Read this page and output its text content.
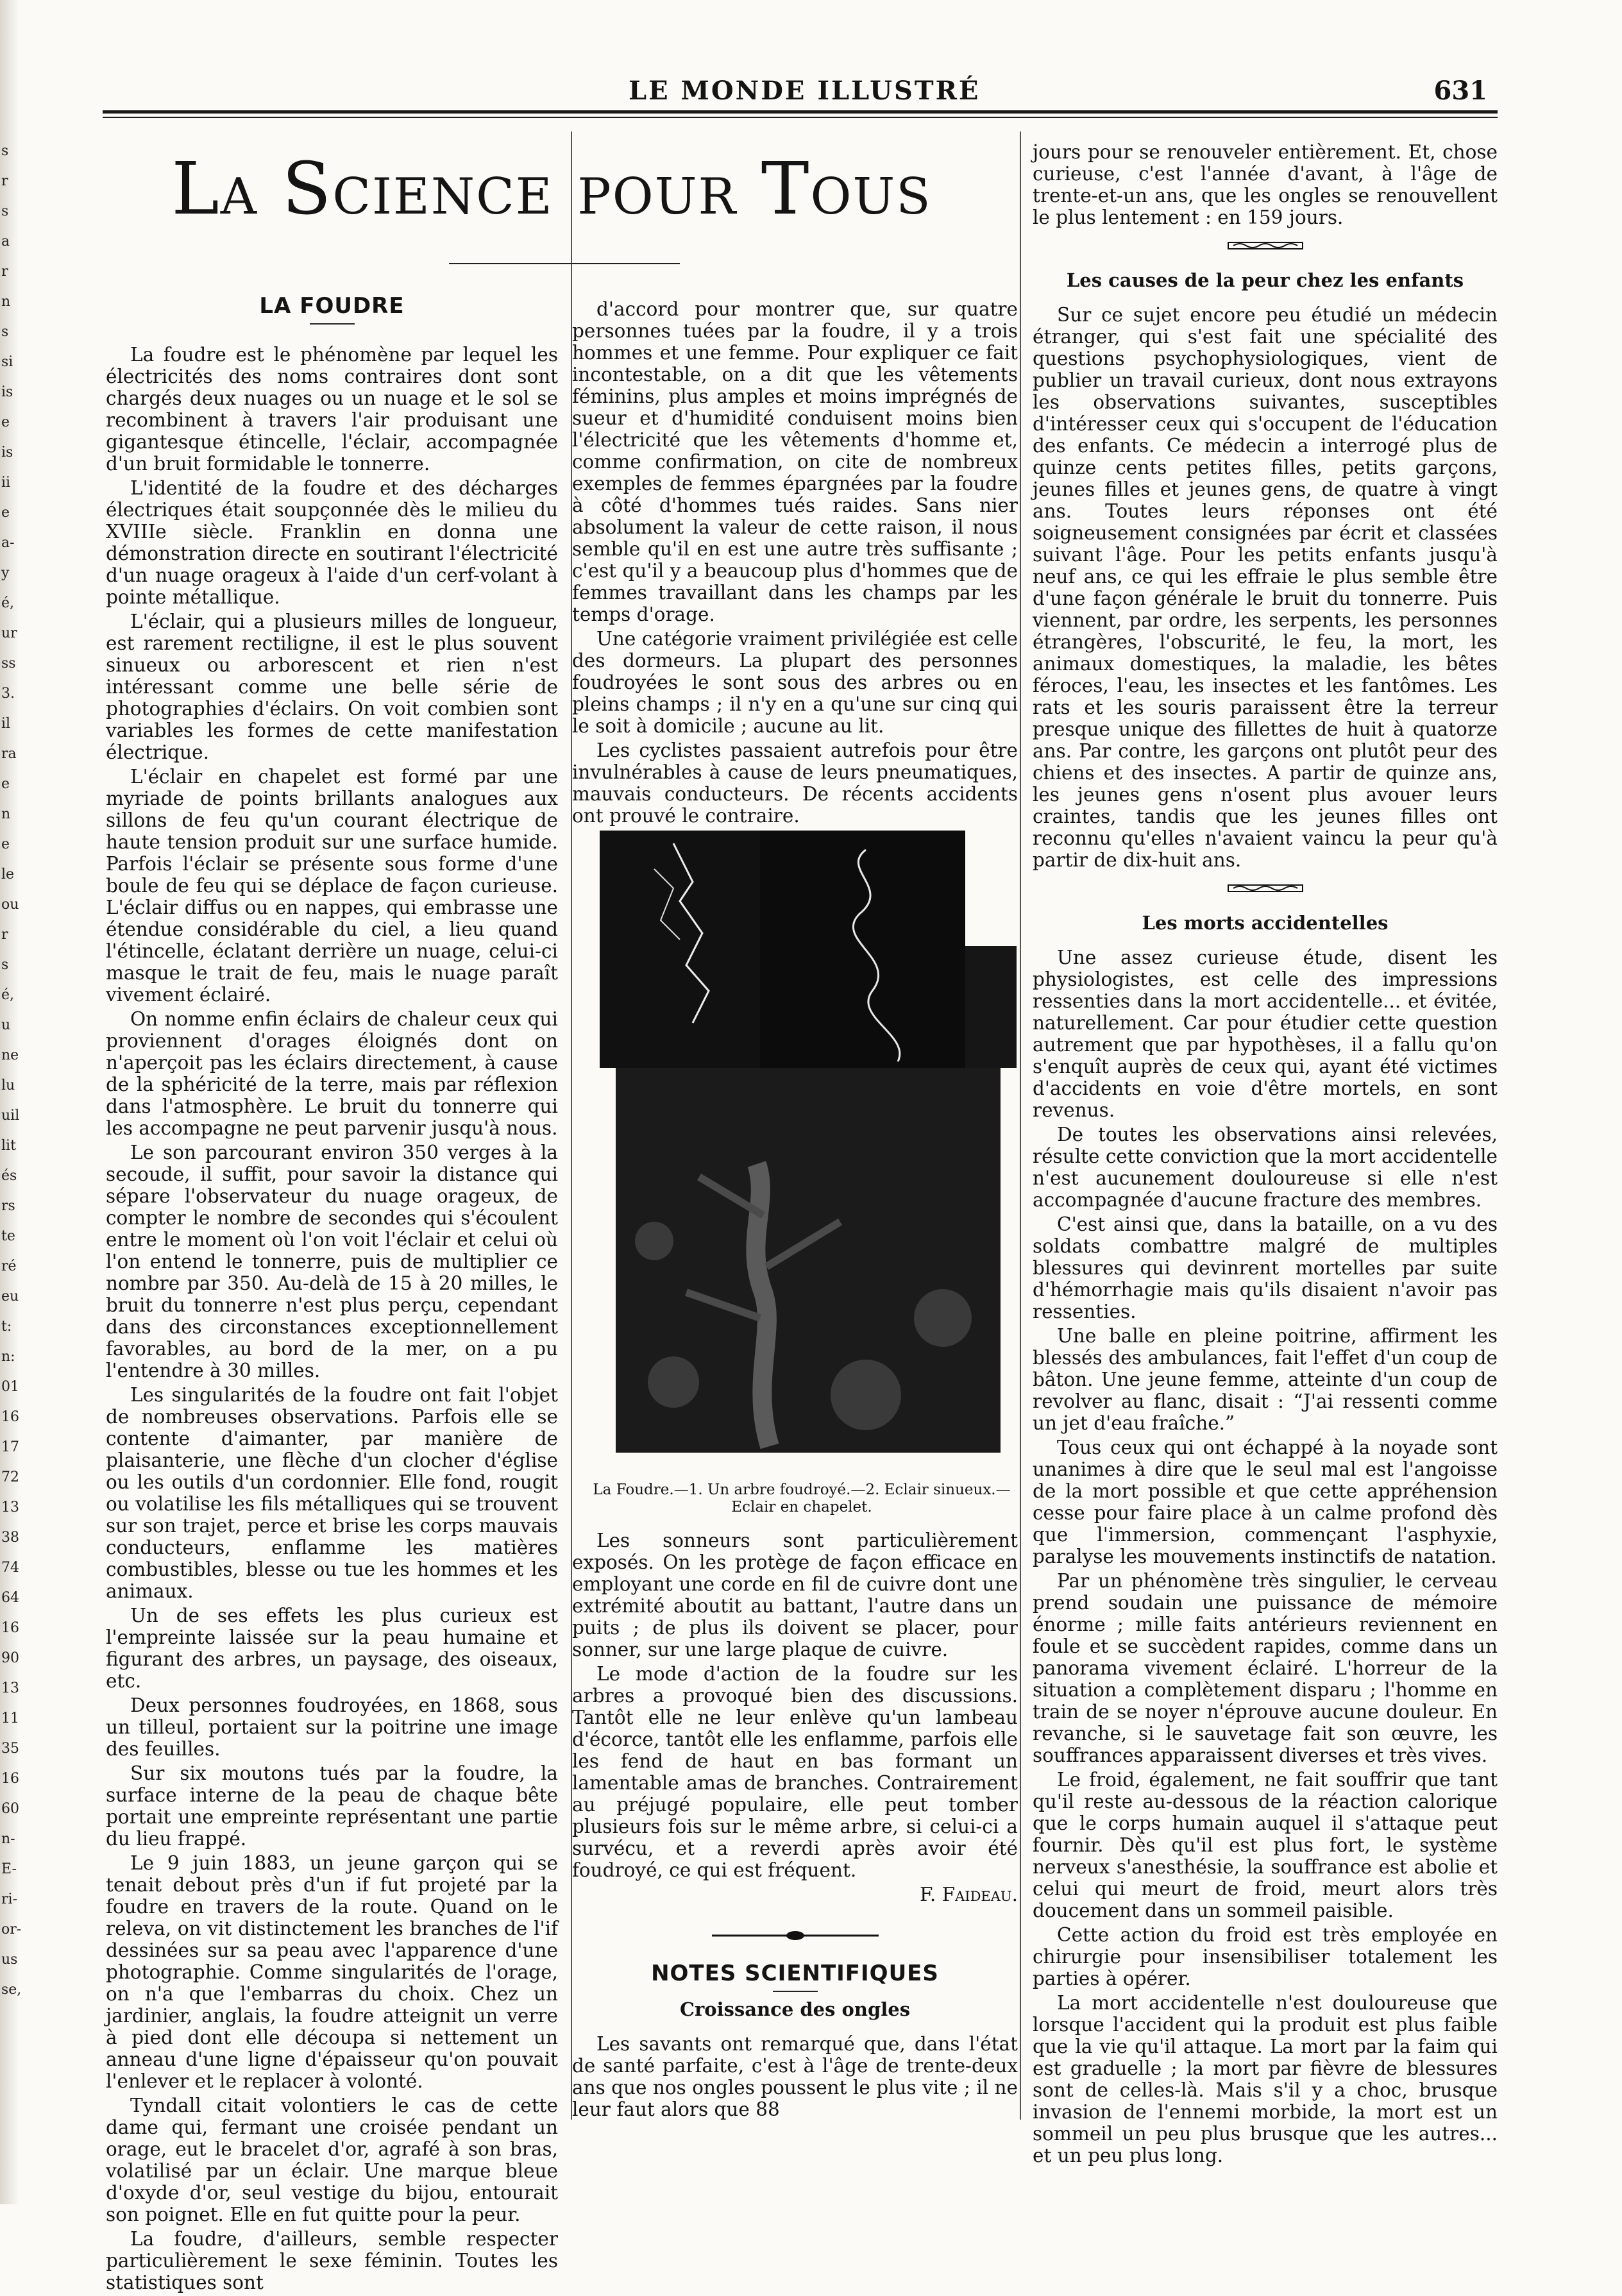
s
r
s
a
r
n
s
si
is
e
is
ii
e
a-
y
é,
ur
ss
3.
il
ra
e
n
e
le
ou
r
s
é,
u
ne
lu
uil
lit
és
rs
te
ré
eu
t:
n:
01
16
17
72
13
38
74
64
16
90
13
11
35
16
60
n-
E-
ri-
or-
us
se,
LE MONDE ILLUSTRÉ	631
La Science pour Tous
LA FOUDRE

La foudre est le phénomène par lequel les électricités des noms contraires dont sont chargés deux nuages ou un nuage et le sol se recombinent à travers l'air produisant une gigantesque étincelle, l'éclair, accompagnée d'un bruit formidable le tonnerre.

L'identité de la foudre et des décharges électriques était soupçonnée dès le milieu du XVIIIe siècle. Franklin en donna une démonstration directe en soutirant l'électricité d'un nuage orageux à l'aide d'un cerf-volant à pointe métallique.

L'éclair, qui a plusieurs milles de longueur, est rarement rectiligne, il est le plus souvent sinueux ou arborescent et rien n'est intéressant comme une belle série de photographies d'éclairs. On voit combien sont variables les formes de cette manifestation électrique.

L'éclair en chapelet est formé par une myriade de points brillants analogues aux sillons de feu qu'un courant électrique de haute tension produit sur une surface humide. Parfois l'éclair se présente sous forme d'une boule de feu qui se déplace de façon curieuse. L'éclair diffus ou en nappes, qui embrasse une étendue considérable du ciel, a lieu quand l'étincelle, éclatant derrière un nuage, celui-ci masque le trait de feu, mais le nuage paraît vivement éclairé.

On nomme enfin éclairs de chaleur ceux qui proviennent d'orages éloignés dont on n'aperçoit pas les éclairs directement, à cause de la sphéricité de la terre, mais par réflexion dans l'atmosphère. Le bruit du tonnerre qui les accompagne ne peut parvenir jusqu'à nous.

Le son parcourant environ 350 verges à la secoude, il suffit, pour savoir la distance qui sépare l'observateur du nuage orageux, de compter le nombre de secondes qui s'écoulent entre le moment où l'on voit l'éclair et celui où l'on entend le tonnerre, puis de multiplier ce nombre par 350. Au-delà de 15 à 20 milles, le bruit du tonnerre n'est plus perçu, cependant dans des circonstances exceptionnellement favorables, au bord de la mer, on a pu l'entendre à 30 milles.

Les singularités de la foudre ont fait l'objet de nombreuses observations. Parfois elle se contente d'aimanter, par manière de plaisanterie, une flèche d'un clocher d'église ou les outils d'un cordonnier. Elle fond, rougit ou volatilise les fils métalliques qui se trouvent sur son trajet, perce et brise les corps mauvais conducteurs, enflamme les matières combustibles, blesse ou tue les hommes et les animaux.

Un de ses effets les plus curieux est l'empreinte laissée sur la peau humaine et figurant des arbres, un paysage, des oiseaux, etc.

Deux personnes foudroyées, en 1868, sous un tilleul, portaient sur la poitrine une image des feuilles.

Sur six moutons tués par la foudre, la surface interne de la peau de chaque bête portait une empreinte représentant une partie du lieu frappé.

Le 9 juin 1883, un jeune garçon qui se tenait debout près d'un if fut projeté par la foudre en travers de la route. Quand on le releva, on vit distinctement les branches de l'if dessinées sur sa peau avec l'apparence d'une photographie. Comme singularités de l'orage, on n'a que l'embarras du choix. Chez un jardinier, anglais, la foudre atteignit un verre à pied dont elle découpa si nettement un anneau d'une ligne d'épaisseur qu'on pouvait l'enlever et le replacer à volonté.

Tyndall citait volontiers le cas de cette dame qui, fermant une croisée pendant un orage, eut le bracelet d'or, agrafé à son bras, volatilisé par un éclair. Une marque bleue d'oxyde d'or, seul vestige du bijou, entourait son poignet. Elle en fut quitte pour la peur.

La foudre, d'ailleurs, semble respecter particulièrement le sexe féminin. Toutes les statistiques sont

d'accord pour montrer que, sur quatre personnes tuées par la foudre, il y a trois hommes et une femme. Pour expliquer ce fait incontestable, on a dit que les vêtements féminins, plus amples et moins imprégnés de sueur et d'humidité conduisent moins bien l'électricité que les vêtements d'homme et, comme confirmation, on cite de nombreux exemples de femmes épargnées par la foudre à côté d'hommes tués raides. Sans nier absolument la valeur de cette raison, il nous semble qu'il en est une autre très suffisante ; c'est qu'il y a beaucoup plus d'hommes que de femmes travaillant dans les champs par les temps d'orage.

Une catégorie vraiment privilégiée est celle des dormeurs. La plupart des personnes foudroyées le sont sous des arbres ou en pleins champs ; il n'y en a qu'une sur cinq qui le soit à domicile ; aucune au lit.

Les cyclistes passaient autrefois pour être invulnérables à cause de leurs pneumatiques, mauvais conducteurs. De récents accidents ont prouvé le contraire.

La Foudre.—1. Un arbre foudroyé.—2. Eclair sinueux.— Eclair en chapelet.

Les sonneurs sont particulièrement exposés. On les protège de façon efficace en employant une corde en fil de cuivre dont une extrémité aboutit au battant, l'autre dans un puits ; de plus ils doivent se placer, pour sonner, sur une large plaque de cuivre.

Le mode d'action de la foudre sur les arbres a provoqué bien des discussions. Tantôt elle ne leur enlève qu'un lambeau d'écorce, tantôt elle les enflamme, parfois elle les fend de haut en bas formant un lamentable amas de branches. Contrairement au préjugé populaire, elle peut tomber plusieurs fois sur le même arbre, si celui-ci a survécu, et a reverdi après avoir été foudroyé, ce qui est fréquent.

F. Faideau.
NOTES SCIENTIFIQUES
Croissance des ongles

Les savants ont remarqué que, dans l'état de santé parfaite, c'est à l'âge de trente-deux ans que nos ongles poussent le plus vite ; il ne leur faut alors que 88

jours pour se renouveler entièrement. Et, chose curieuse, c'est l'année d'avant, à l'âge de trente-et-un ans, que les ongles se renouvellent le plus lentement : en 159 jours.

Les causes de la peur chez les enfants

Sur ce sujet encore peu étudié un médecin étranger, qui s'est fait une spécialité des questions psychophysiologiques, vient de publier un travail curieux, dont nous extrayons les observations suivantes, susceptibles d'intéresser ceux qui s'occupent de l'éducation des enfants. Ce médecin a interrogé plus de quinze cents petites filles, petits garçons, jeunes filles et jeunes gens, de quatre à vingt ans. Toutes leurs réponses ont été soigneusement consignées par écrit et classées suivant l'âge. Pour les petits enfants jusqu'à neuf ans, ce qui les effraie le plus semble être d'une façon générale le bruit du tonnerre. Puis viennent, par ordre, les serpents, les personnes étrangères, l'obscurité, le feu, la mort, les animaux domestiques, la maladie, les bêtes féroces, l'eau, les insectes et les fantômes. Les rats et les souris paraissent être la terreur presque unique des fillettes de huit à quatorze ans. Par contre, les garçons ont plutôt peur des chiens et des insectes. A partir de quinze ans, les jeunes gens n'osent plus avouer leurs craintes, tandis que les jeunes filles ont reconnu qu'elles n'avaient vaincu la peur qu'à partir de dix-huit ans.

Les morts accidentelles

Une assez curieuse étude, disent les physiologistes, est celle des impressions ressenties dans la mort accidentelle... et évitée, naturellement. Car pour étudier cette question autrement que par hypothèses, il a fallu qu'on s'enquît auprès de ceux qui, ayant été victimes d'accidents en voie d'être mortels, en sont revenus.

De toutes les observations ainsi relevées, résulte cette conviction que la mort accidentelle n'est aucunement douloureuse si elle n'est accompagnée d'aucune fracture des membres.

C'est ainsi que, dans la bataille, on a vu des soldats combattre malgré de multiples blessures qui devinrent mortelles par suite d'hémorrhagie mais qu'ils disaient n'avoir pas ressenties.

Une balle en pleine poitrine, affirment les blessés des ambulances, fait l'effet d'un coup de bâton. Une jeune femme, atteinte d'un coup de revolver au flanc, disait : “J'ai ressenti comme un jet d'eau fraîche.”

Tous ceux qui ont échappé à la noyade sont unanimes à dire que le seul mal est l'angoisse de la mort possible et que cette appréhension cesse pour faire place à un calme profond dès que l'immersion, commençant l'asphyxie, paralyse les mouvements instinctifs de natation.

Par un phénomène très singulier, le cerveau prend soudain une puissance de mémoire énorme ; mille faits antérieurs reviennent en foule et se succèdent rapides, comme dans un panorama vivement éclairé. L'horreur de la situation a complètement disparu ; l'homme en train de se noyer n'éprouve aucune douleur. En revanche, si le sauvetage fait son œuvre, les souffrances apparaissent diverses et très vives.

Le froid, également, ne fait souffrir que tant qu'il reste au-dessous de la réaction calorique que le corps humain auquel il s'attaque peut fournir. Dès qu'il est plus fort, le système nerveux s'anesthésie, la souffrance est abolie et celui qui meurt de froid, meurt alors très doucement dans un sommeil paisible.

Cette action du froid est très employée en chirurgie pour insensibiliser totalement les parties à opérer.

La mort accidentelle n'est douloureuse que lorsque l'accident qui la produit est plus faible que la vie qu'il attaque. La mort par la faim qui est graduelle ; la mort par fièvre de blessures sont de celles-là. Mais s'il y a choc, brusque invasion de l'ennemi morbide, la mort est un sommeil un peu plus brusque que les autres... et un peu plus long.
